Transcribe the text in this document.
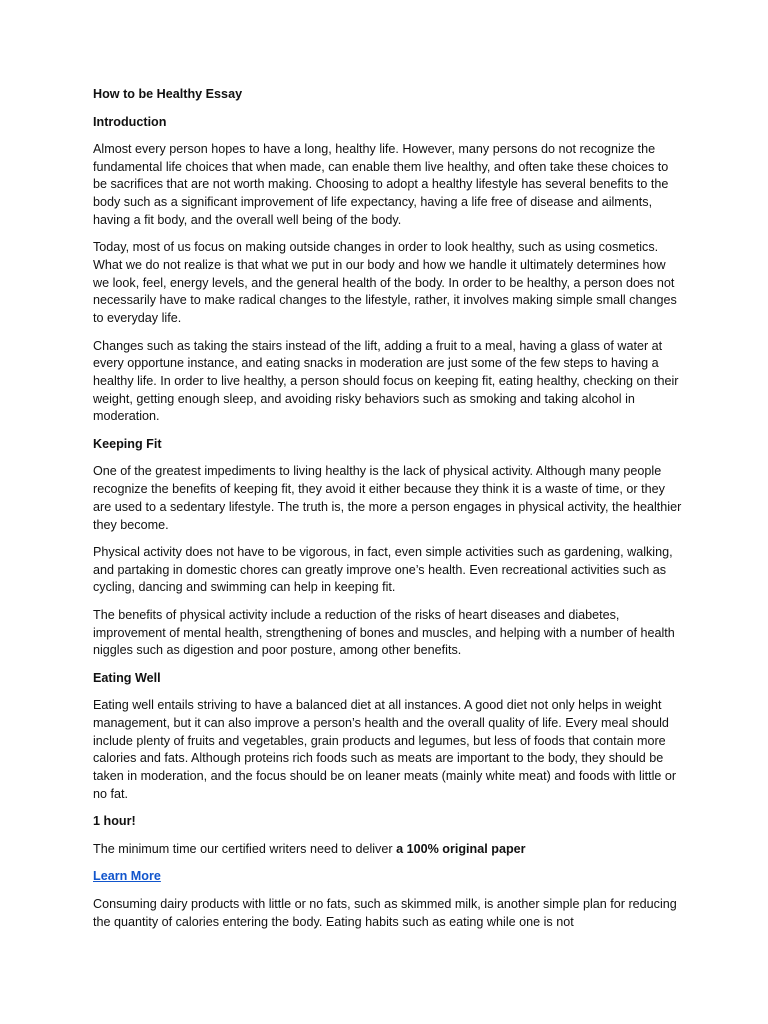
How to be Healthy Essay

Introduction

Almost every person hopes to have a long, healthy life. However, many persons do not recognize the fundamental life choices that when made, can enable them live healthy, and often take these choices to be sacrifices that are not worth making. Choosing to adopt a healthy lifestyle has several benefits to the body such as a significant improvement of life expectancy, having a life free of disease and ailments, having a fit body, and the overall well being of the body.

Today, most of us focus on making outside changes in order to look healthy, such as using cosmetics. What we do not realize is that what we put in our body and how we handle it ultimately determines how we look, feel, energy levels, and the general health of the body. In order to be healthy, a person does not necessarily have to make radical changes to the lifestyle, rather, it involves making simple small changes to everyday life.

Changes such as taking the stairs instead of the lift, adding a fruit to a meal, having a glass of water at every opportune instance, and eating snacks in moderation are just some of the few steps to having a healthy life. In order to live healthy, a person should focus on keeping fit, eating healthy, checking on their weight, getting enough sleep, and avoiding risky behaviors such as smoking and taking alcohol in moderation.

Keeping Fit

One of the greatest impediments to living healthy is the lack of physical activity. Although many people recognize the benefits of keeping fit, they avoid it either because they think it is a waste of time, or they are used to a sedentary lifestyle. The truth is, the more a person engages in physical activity, the healthier they become.

Physical activity does not have to be vigorous, in fact, even simple activities such as gardening, walking, and partaking in domestic chores can greatly improve one’s health. Even recreational activities such as cycling, dancing and swimming can help in keeping fit.

The benefits of physical activity include a reduction of the risks of heart diseases and diabetes, improvement of mental health, strengthening of bones and muscles, and helping with a number of health niggles such as digestion and poor posture, among other benefits.

Eating Well

Eating well entails striving to have a balanced diet at all instances. A good diet not only helps in weight management, but it can also improve a person’s health and the overall quality of life. Every meal should include plenty of fruits and vegetables, grain products and legumes, but less of foods that contain more calories and fats. Although proteins rich foods such as meats are important to the body, they should be taken in moderation, and the focus should be on leaner meats (mainly white meat) and foods with little or no fat.

1 hour!

The minimum time our certified writers need to deliver a 100% original paper

Learn More

Consuming dairy products with little or no fats, such as skimmed milk, is another simple plan for reducing the quantity of calories entering the body. Eating habits such as eating while one is not
